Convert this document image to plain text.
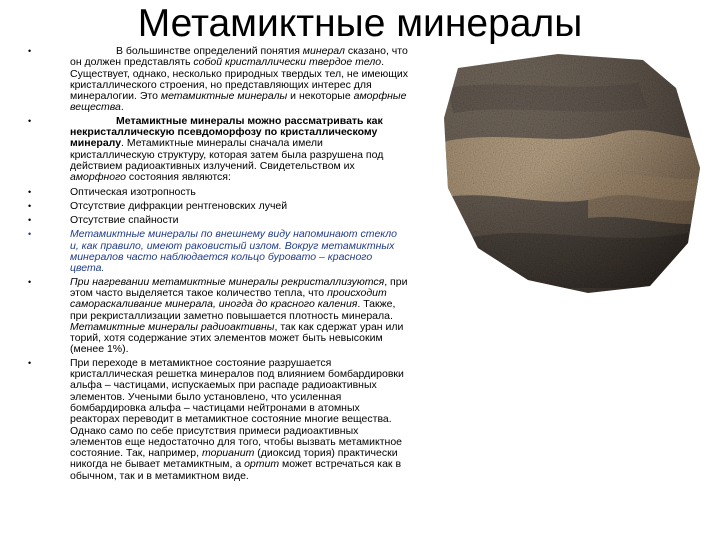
Метамиктные минералы
•	В большинстве определений понятия минерал сказано, что он должен представлять собой кристаллически твердое тело. Существует, однако, несколько природных твердых тел, не имеющих кристаллического строения, но представляющих интерес для минералогии. Это метамиктные минералы и некоторые аморфные вещества.
•	Метамиктные минералы можно рассматривать как некристаллическую псевдоморфозу по кристаллическому минералу. Метамиктные минералы сначала имели кристаллическую структуру, которая затем была разрушена под действием радиоактивных излучений. Свидетельством их аморфного состояния являются:
•	Оптическая изотропность
•	Отсутствие дифракции рентгеновских лучей
•	Отсутствие спайности
•	Метамиктные минералы по внешнему виду напоминают стекло и, как правило, имеют раковистый излом. Вокруг метамиктных минералов часто наблюдается кольцо буровато – красного цвета.
•	При нагревании метамиктные минералы рекристаллизуются, при этом часто выделяется такое количество тепла, что происходит самораскаливание минерала, иногда до красного каления. Также, при рекристаллизации заметно повышается плотность минерала. Метамиктные минералы радиоактивны, так как сдержат уран или торий, хотя содержание этих элементов может быть невысоким (менее 1%).
•	При переходе в метамиктное состояние разрушается кристаллическая решетка минералов под влиянием бомбардировки альфа – частицами, испускаемых при распаде радиоактивных элементов. Учеными было установлено, что усиленная бомбардировка альфа – частицами нейтронами в атомных реакторах переводит в метамиктное состояние многие вещества. Однако само по себе присутствия примеси радиоактивных элементов еще недостаточно для того, чтобы вызвать метамиктное состояние. Так, например, торианит (диоксид тория) практически никогда не бывает метамиктным, а ортит может встречаться как в обычном, так и в метамиктном виде.
